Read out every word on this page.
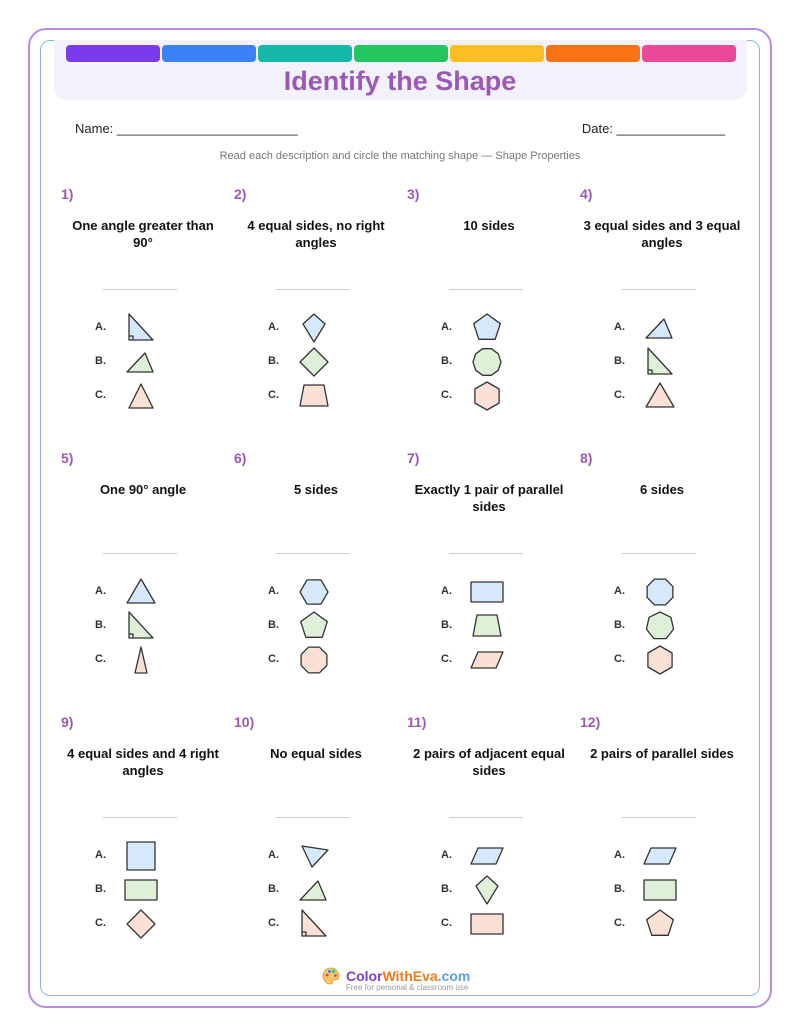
Identify the Shape
Name: _________________________	Date: _______________
Read each description and circle the matching shape — Shape Properties
1)
One angle greater than 90°
A.
B.
C.
2)
4 equal sides, no right angles
A.
B.
C.
3)
10 sides
A.
B.
C.
4)
3 equal sides and 3 equal angles
A.
B.
C.
5)
One 90° angle
A.
B.
C.
6)
5 sides
A.
B.
C.
7)
Exactly 1 pair of parallel sides
A.
B.
C.
8)
6 sides
A.
B.
C.
9)
4 equal sides and 4 right angles
A.
B.
C.
10)
No equal sides
A.
B.
C.
11)
2 pairs of adjacent equal sides
A.
B.
C.
12)
2 pairs of parallel sides
A.
B.
C.
ColorWithEva.com
Free for personal & classroom use
